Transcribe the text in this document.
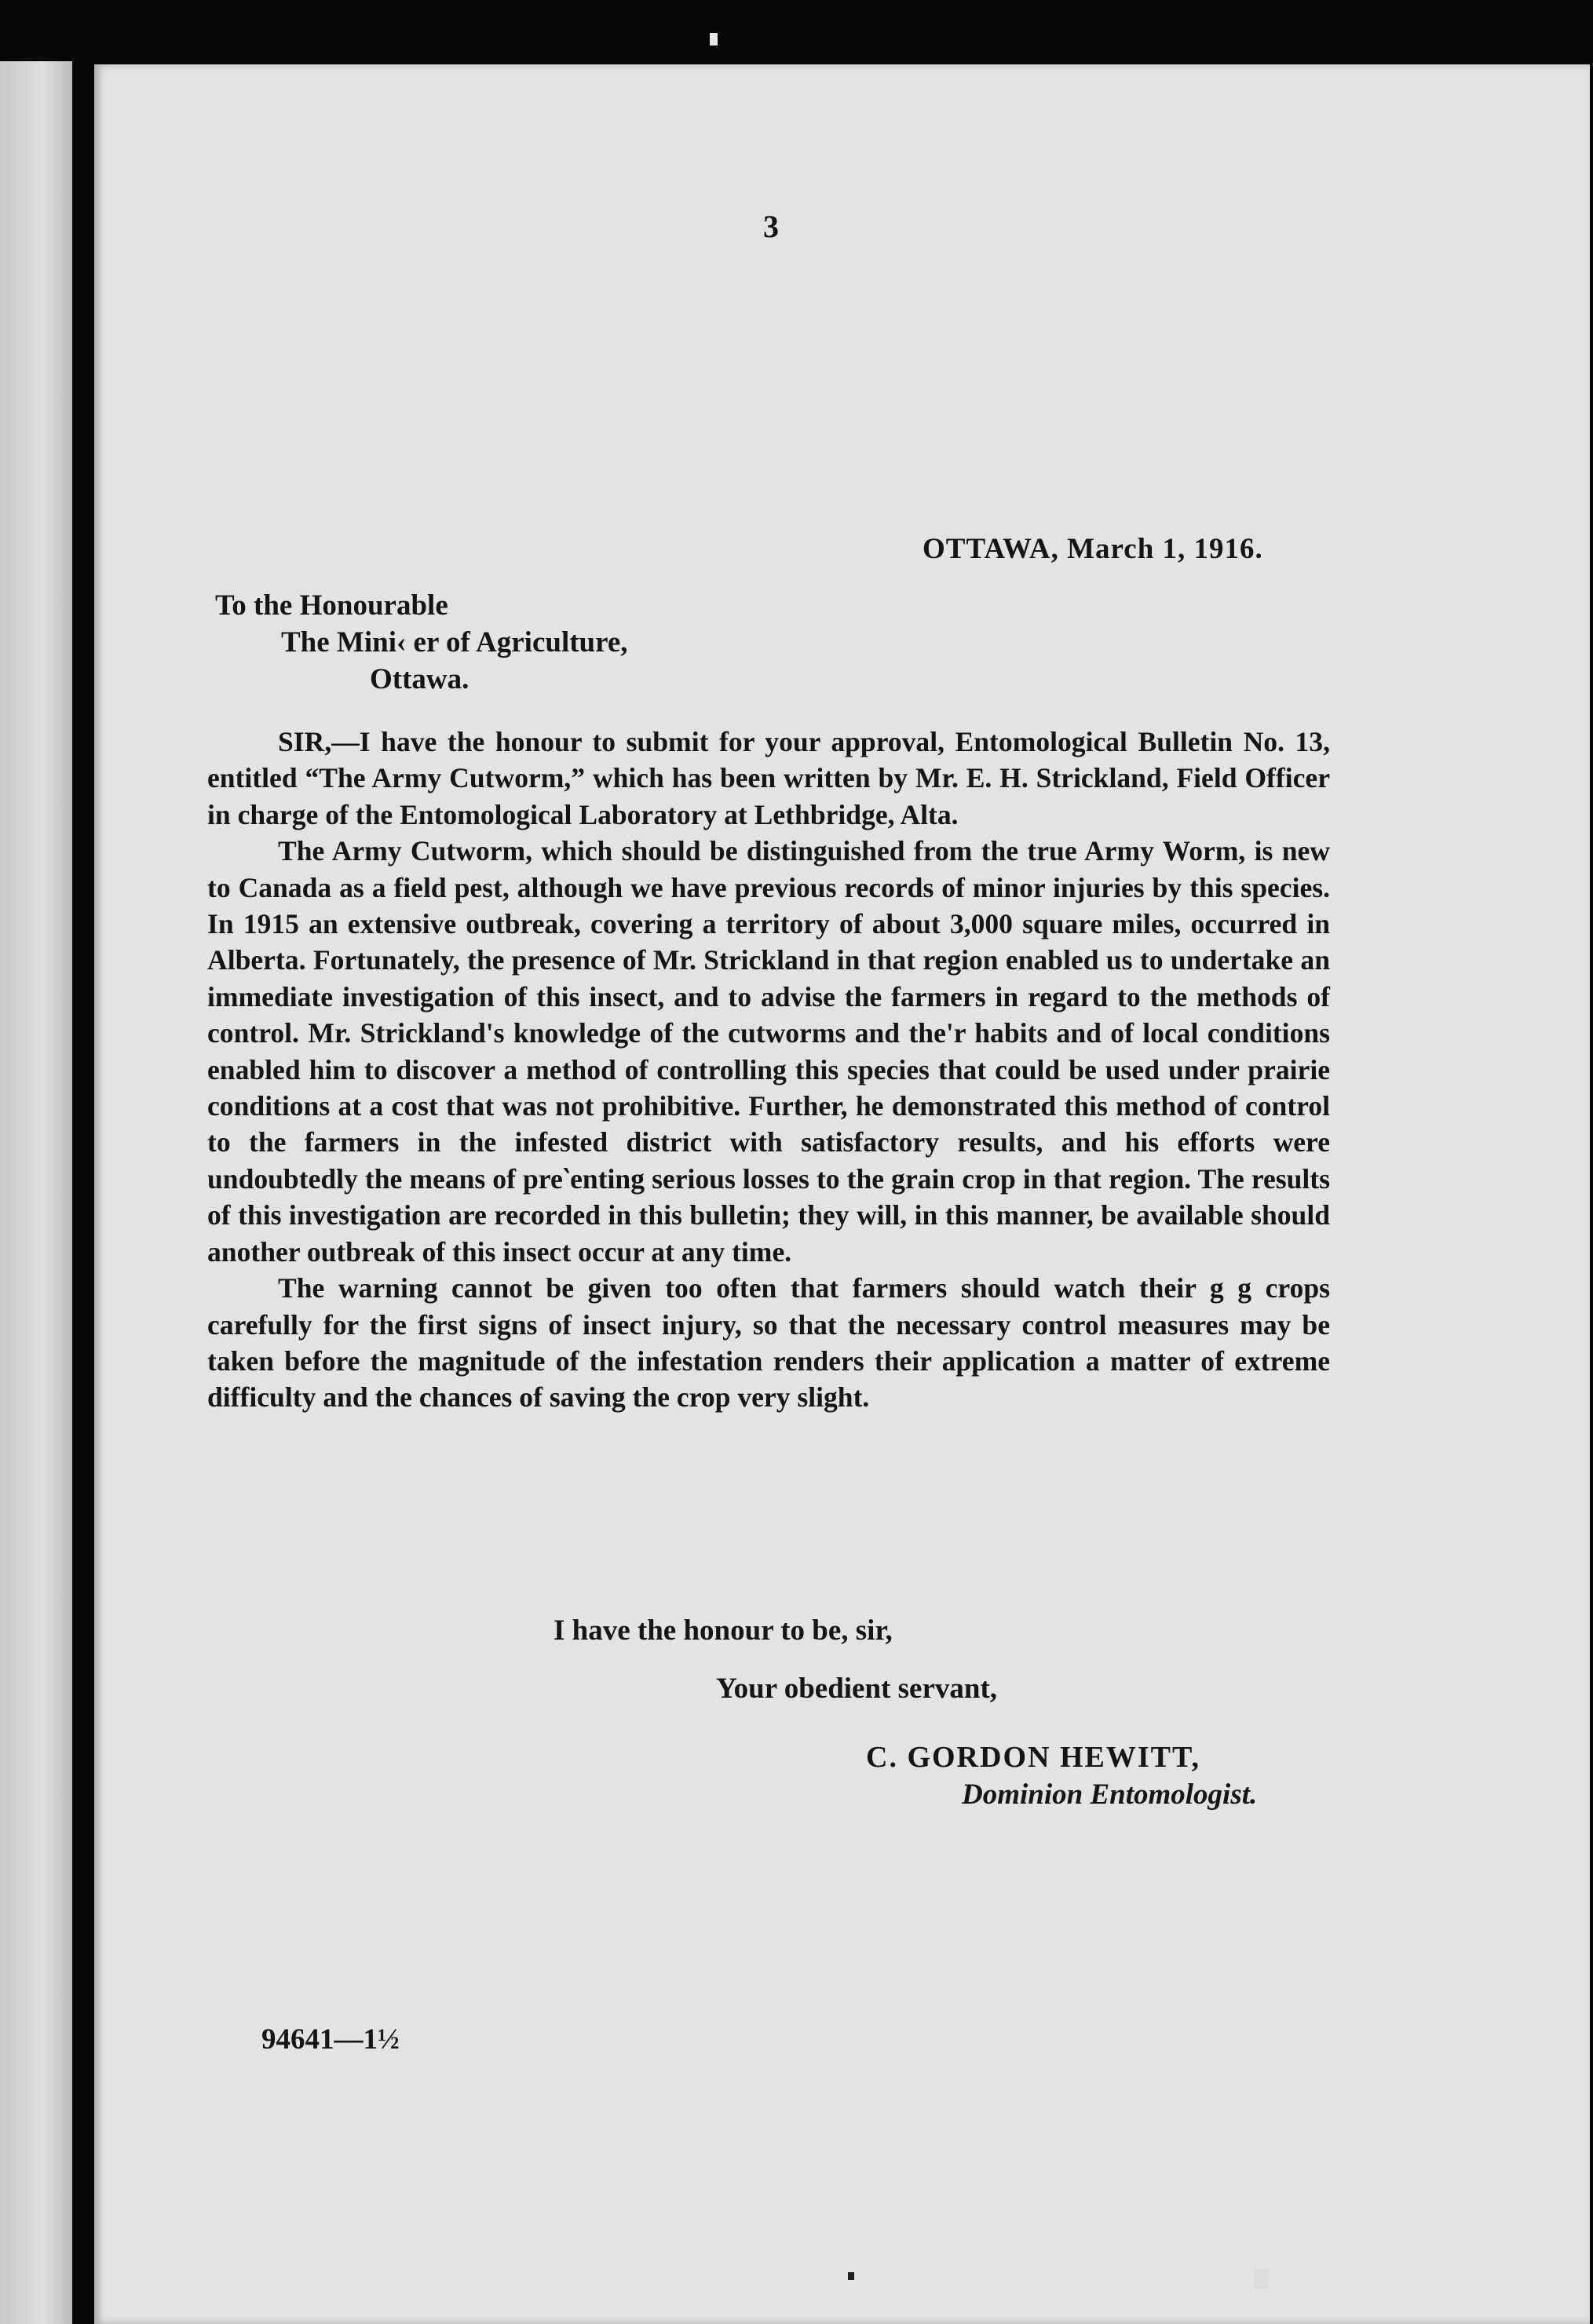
3
OTTAWA, March 1, 1916.
To the Honourable
The Mini‹ er of Agriculture,
Ottawa.

SIR,—I have the honour to submit for your approval, Entomological Bulletin No. 13, entitled “The Army Cutworm,” which has been written by Mr. E. H. Strickland, Field Officer in charge of the Entomological Laboratory at Lethbridge, Alta.

The Army Cutworm, which should be distinguished from the true Army Worm, is new to Canada as a field pest, although we have previous records of minor injuries by this species. In 1915 an extensive outbreak, covering a territory of about 3,000 square miles, occurred in Alberta. Fortunately, the presence of Mr. Strickland in that region enabled us to undertake an immediate investigation of this insect, and to advise the farmers in regard to the methods of control. Mr. Strickland's knowledge of the cutworms and the'r habits and of local conditions enabled him to discover a method of controlling this species that could be used under prairie conditions at a cost that was not prohibitive. Further, he demonstrated this method of control to the farmers in the infested district with satisfactory results, and his efforts were undoubtedly the means of pre‵enting serious losses to the grain crop in that region. The results of this investigation are recorded in this bulletin; they will, in this manner, be available should another outbreak of this insect occur at any time.

The warning cannot be given too often that farmers should watch their g g crops carefully for the first signs of insect injury, so that the necessary control measures may be taken before the magnitude of the infestation renders their application a matter of extreme difficulty and the chances of saving the crop very slight.

I have the honour to be, sir,
Your obedient servant,
C. GORDON HEWITT,
Dominion Entomologist.
94641—1½
